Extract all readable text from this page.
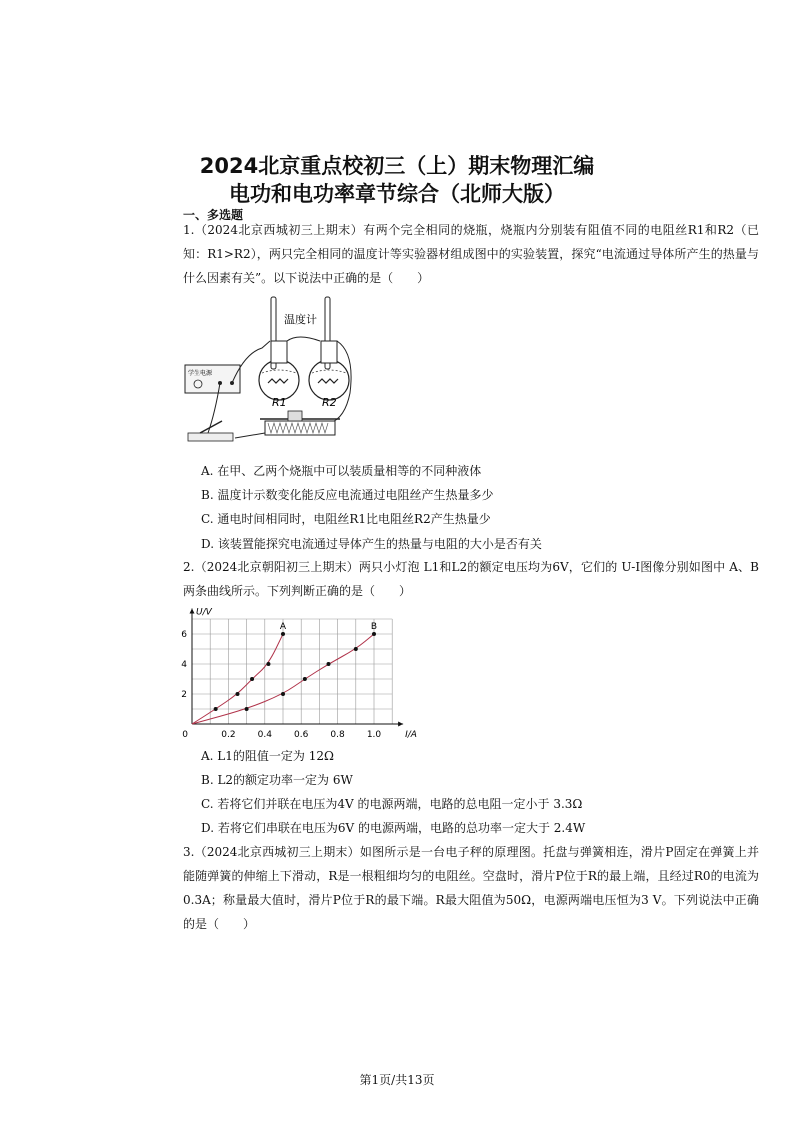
2024北京重点校初三（上）期末物理汇编
电功和电功率章节综合（北师大版）
一、多选题
1.（2024北京西城初三上期末）有两个完全相同的烧瓶，烧瓶内分别装有阻值不同的电阻丝R1和R2（已知：R1>R2），两只完全相同的温度计等实验器材组成图中的实验装置，探究“电流通过导体所产生的热量与什么因素有关”。以下说法中正确的是（　　）
温度计
R1	R2
学生电源
A. 在甲、乙两个烧瓶中可以装质量相等的不同种液体
B. 温度计示数变化能反应电流通过电阻丝产生热量多少
C. 通电时间相同时，电阻丝R1比电阻丝R2产生热量少
D. 该装置能探究电流通过导体产生的热量与电阻的大小是否有关
2.（2024北京朝阳初三上期末）两只小灯泡 L1和L2的额定电压均为6V，它们的 U-I图像分别如图中 A、B 两条曲线所示。下列判断正确的是（　　）
0.2 0.4 0.6 0.8 1.0
2
4
6
0	I/A
U/V
A	B
A. L1的阻值一定为 12Ω
B. L2的额定功率一定为 6W
C. 若将它们并联在电压为4V 的电源两端，电路的总电阻一定小于 3.3Ω
D. 若将它们串联在电压为6V 的电源两端，电路的总功率一定大于 2.4W
3.（2024北京西城初三上期末）如图所示是一台电子秤的原理图。托盘与弹簧相连，滑片P固定在弹簧上并能随弹簧的伸缩上下滑动，R是一根粗细均匀的电阻丝。空盘时，滑片P位于R的最上端，且经过R0的电流为0.3A；称量最大值时，滑片P位于R的最下端。R最大阻值为50Ω，电源两端电压恒为3 V。下列说法中正确的是（　　）
第1页/共13页
